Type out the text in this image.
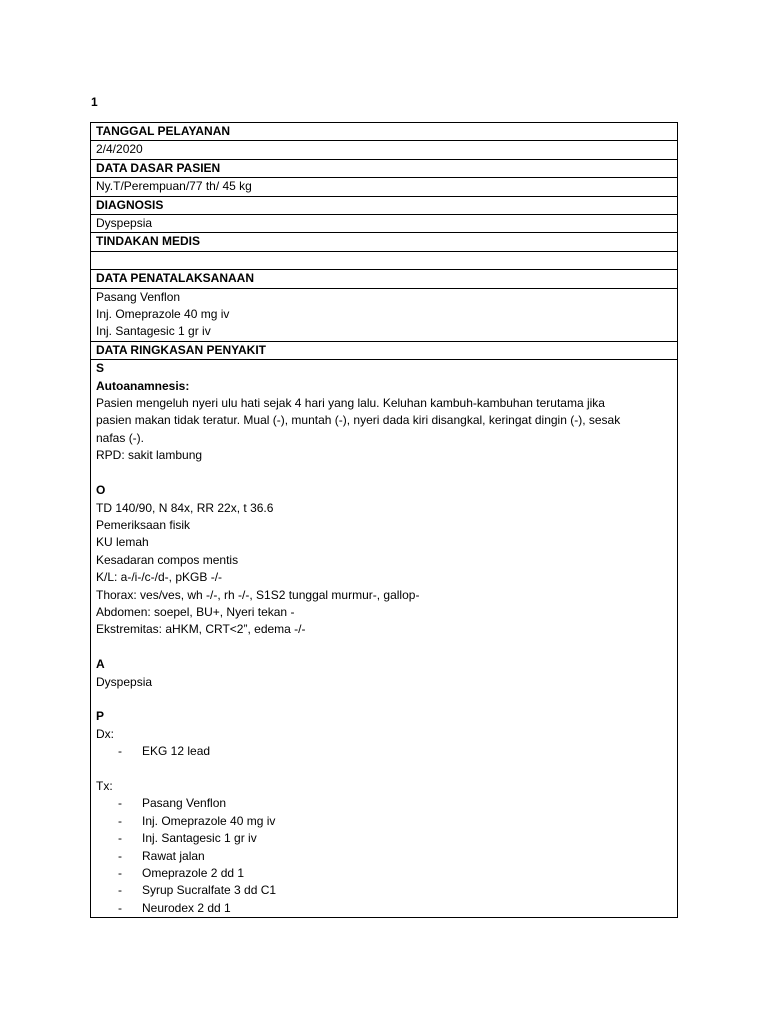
1
TANGGAL PELAYANAN
2/4/2020
DATA DASAR PASIEN
Ny.T/Perempuan/77 th/ 45 kg
DIAGNOSIS
Dyspepsia
TINDAKAN MEDIS

DATA PENATALAKSANAAN

Pasang Venflon
Inj. Omeprazole 40 mg iv
Inj. Santagesic 1 gr iv

DATA RINGKASAN PENYAKIT

S
Autoanamnesis:
Pasien mengeluh nyeri ulu hati sejak 4 hari yang lalu. Keluhan kambuh-kambuhan terutama jika
pasien makan tidak teratur. Mual (-), muntah (-), nyeri dada kiri disangkal, keringat dingin (-), sesak
nafas (-).
RPD: sakit lambung
O
TD 140/90, N 84x, RR 22x, t 36.6
Pemeriksaan fisik
KU lemah
Kesadaran compos mentis
K/L: a-/i-/c-/d-, pKGB -/-
Thorax: ves/ves, wh -/-, rh -/-, S1S2 tunggal murmur-, gallop-
Abdomen: soepel, BU+, Nyeri tekan -
Ekstremitas: aHKM, CRT<2”, edema -/-
A
Dyspepsia
P
Dx:
- EKG 12 lead
Tx:
- Pasang Venflon
- Inj. Omeprazole 40 mg iv
- Inj. Santagesic 1 gr iv
- Rawat jalan
- Omeprazole 2 dd 1
- Syrup Sucralfate 3 dd C1
- Neurodex 2 dd 1
